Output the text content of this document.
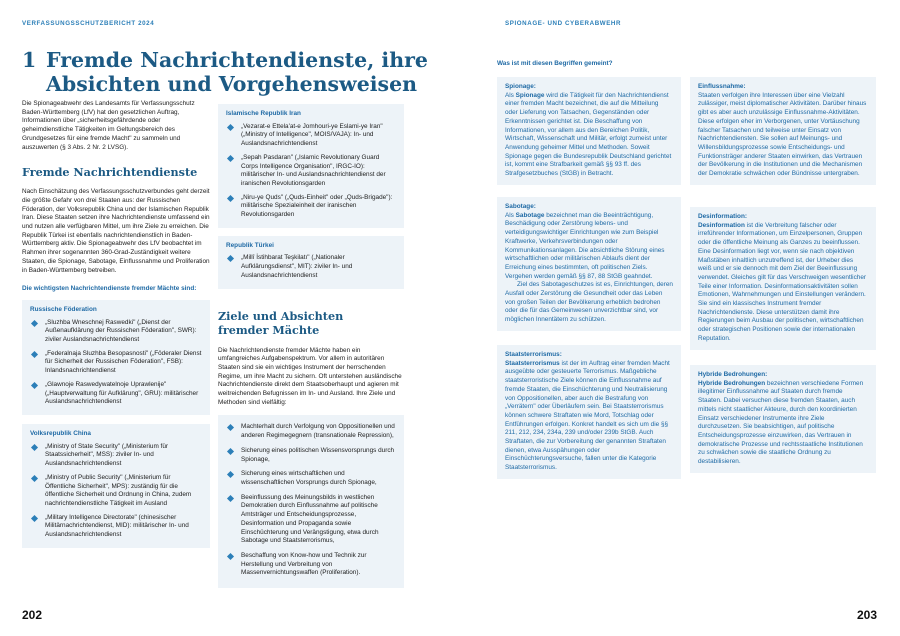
VERFASSUNGSSCHUTZBERICHT 2024	SPIONAGE- UND CYBERABWEHR
202	203
1 Fremde Nachrichtendienste, ihre
Absichten und Vorgehensweisen

Die Spionageabwehr des Landesamts für Verfassungsschutz Baden-Württemberg (LfV) hat den gesetzlichen Auftrag, Informationen über „sicherheitsgefährdende oder geheimdienstliche Tätigkeiten im Geltungsbereich des Grundgesetzes für eine fremde Macht" zu sammeln und auszuwerten (§ 3 Abs. 2 Nr. 2 LVSG).

Fremde Nachrichtendienste

Nach Einschätzung des Verfassungsschutzverbundes geht derzeit die größte Gefahr von drei Staaten aus: der Russischen Föderation, der Volksrepublik China und der Islamischen Republik Iran. Diese Staaten setzen ihre Nachrichtendienste umfassend ein und nutzen alle verfügbaren Mittel, um ihre Ziele zu erreichen. Die Republik Türkei ist ebenfalls nachrichtendienstlich in Baden-Württemberg aktiv. Die Spionageabwehr des LfV beobachtet im Rahmen ihrer sogenannten 360-Grad-Zuständigkeit weitere Staaten, die Spionage, Sabotage, Einflussnahme und Proliferation in Baden-Württemberg betreiben.

Die wichtigsten Nachrichtendienste fremder Mächte sind:
Russische Föderation
„Sluzhba Wneschnej Raswedki" („Dienst der Außenaufklärung der Russischen Föderation", SWR): ziviler Auslandsnachrichtendienst
„Federalnaja Sluzhba Besopasnosti" („Föderaler Dienst für Sicherheit der Russischen Föderation", FSB): Inlandsnachrichtendienst
„Glawnoje Raswedywatelnoje Uprawlenije" („Hauptverwaltung für Aufklärung", GRU): militärischer Auslandsnachrichtendienst
Volksrepublik China
„Ministry of State Security" („Ministerium für Staatssicherheit", MSS): ziviler In- und Auslandsnachrichtendienst
„Ministry of Public Security" („Ministerium für Öffentliche Sicherheit", MPS): zuständig für die öffentliche Sicherheit und Ordnung in China, zudem nachrichtendienstliche Tätigkeit im Ausland
„Military Intelligence Directorate" (chinesischer Militärnachrichtendienst, MID): militärischer In- und Auslandsnachrichtendienst
Islamische Republik Iran
„Vezarat-e Ettela'at-e Jomhouri-ye Eslami-ye Iran" („Ministry of Intelligence", MOIS/VAJA): In- und Auslandsnachrichtendienst
„Sepah Pasdaran" („Islamic Revolutionary Guard Corps Intelligence Organisation", IRGC-IO): militärischer In- und Auslandsnachrichtendienst der iranischen Revolutionsgarden
„Niru-ye Quds" („Quds-Einheit" oder „Quds-Brigade"): militärische Spezialeinheit der iranischen Revolutionsgarden
Republik Türkei
„Millî İstihbarat Teşkilatı" („Nationaler Aufklärungsdienst", MIT): ziviler In- und Auslandsnachrichtendienst
Ziele und Absichten
fremder Mächte

Die Nachrichtendienste fremder Mächte haben ein umfangreiches Aufgabenspektrum. Vor allem in autoritären Staaten sind sie ein wichtiges Instrument der herrschenden Regime, um ihre Macht zu sichern. Oft unterstehen ausländische Nachrichtendienste direkt dem Staatsoberhaupt und agieren mit weitreichenden Befugnissen im In- und Ausland. Ihre Ziele und Methoden sind vielfältig:

Machterhalt durch Verfolgung von Oppositionellen und anderen Regimegegnern (transnationale Repression),
Sicherung eines politischen Wissensvorsprungs durch Spionage,
Sicherung eines wirtschaftlichen und wissenschaftlichen Vorsprungs durch Spionage,
Beeinflussung des Meinungsbilds in westlichen Demokratien durch Einflussnahme auf politische Amtsträger und Entscheidungsprozesse, Desinformation und Propaganda sowie Einschüchterung und Verängstigung, etwa durch Sabotage und Staatsterrorismus,
Beschaffung von Know-how und Technik zur Herstellung und Verbreitung von Massenvernichtungswaffen (Proliferation).
Was ist mit diesen Begriffen gemeint?
Spionage:
Als Spionage wird die Tätigkeit für den Nachrichtendienst einer fremden Macht bezeichnet, die auf die Mitteilung oder Lieferung von Tatsachen, Gegenständen oder Erkenntnissen gerichtet ist. Die Beschaffung von Informationen, vor allem aus den Bereichen Politik, Wirtschaft, Wissenschaft und Militär, erfolgt zumeist unter Anwendung geheimer Mittel und Methoden. Soweit Spionage gegen die Bundesrepublik Deutschland gerichtet ist, kommt eine Strafbarkeit gemäß §§ 93 ff. des Strafgesetzbuches (StGB) in Betracht.
Sabotage:
Als Sabotage bezeichnet man die Beeinträchtigung, Beschädigung oder Zerstörung lebens- und verteidigungswichtiger Einrichtungen wie zum Beispiel Kraftwerke, Verkehrsverbindungen oder Kommunikationsanlagen. Die absichtliche Störung eines wirtschaftlichen oder militärischen Ablaufs dient der Erreichung eines bestimmten, oft politischen Ziels. Vergehen werden gemäß §§ 87, 88 StGB geahndet.
Ziel des Sabotageschutzes ist es, Einrichtungen, deren Ausfall oder Zerstörung die Gesundheit oder das Leben von großen Teilen der Bevölkerung erheblich bedrohen oder die für das Gemeinwesen unverzichtbar sind, vor möglichen Innentätern zu schützen.
Staatsterrorismus:
Staatsterrorismus ist der im Auftrag einer fremden Macht ausgeübte oder gesteuerte Terrorismus. Maßgebliche staatsterroristische Ziele können die Einflussnahme auf fremde Staaten, die Einschüchterung und Neutralisierung von Oppositionellen, aber auch die Bestrafung von „Verrätern" oder Überläufern sein. Bei Staatsterrorismus können schwere Straftaten wie Mord, Totschlag oder Entführungen erfolgen. Konkret handelt es sich um die §§ 211, 212, 234, 234a, 239 und/oder 239b StGB. Auch Straftaten, die zur Vorbereitung der genannten Straftaten dienen, etwa Ausspähungen oder Einschüchterungsversuche, fallen unter die Kategorie Staatsterrorismus.
Einflussnahme:
Staaten verfolgen ihre Interessen über eine Vielzahl zulässiger, meist diplomatischer Aktivitäten. Darüber hinaus gibt es aber auch unzulässige Einflussnahme-Aktivitäten. Diese erfolgen eher im Verborgenen, unter Vortäuschung falscher Tatsachen und teilweise unter Einsatz von Nachrichtendiensten. Sie sollen auf Meinungs- und Willensbildungsprozesse sowie Entscheidungs- und Funktionsträger anderer Staaten einwirken, das Vertrauen der Bevölkerung in die Institutionen und die Mechanismen der Demokratie schwächen oder Bündnisse untergraben.
Desinformation:
Desinformation ist die Verbreitung falscher oder irreführender Informationen, um Einzelpersonen, Gruppen oder die öffentliche Meinung als Ganzes zu beeinflussen. Eine Desinformation liegt vor, wenn sie nach objektiven Maßstäben inhaltlich unzutreffend ist, der Urheber dies weiß und er sie dennoch mit dem Ziel der Beeinflussung verwendet. Gleiches gilt für das Verschweigen wesentlicher Teile einer Information. Desinformationsaktivitäten sollen Emotionen, Wahrnehmungen und Einstellungen verändern. Sie sind ein klassisches Instrument fremder Nachrichtendienste. Diese unterstützen damit ihre Regierungen beim Ausbau der politischen, wirtschaftlichen oder strategischen Positionen sowie der internationalen Reputation.
Hybride Bedrohungen:
Hybride Bedrohungen bezeichnen verschiedene Formen illegitimer Einflussnahme auf Staaten durch fremde Staaten. Dabei versuchen diese fremden Staaten, auch mittels nicht staatlicher Akteure, durch den koordinierten Einsatz verschiedener Instrumente ihre Ziele durchzusetzen. Sie beabsichtigen, auf politische Entscheidungsprozesse einzuwirken, das Vertrauen in demokratische Prozesse und rechtsstaatliche Institutionen zu schwächen sowie die staatliche Ordnung zu destabilisieren.
